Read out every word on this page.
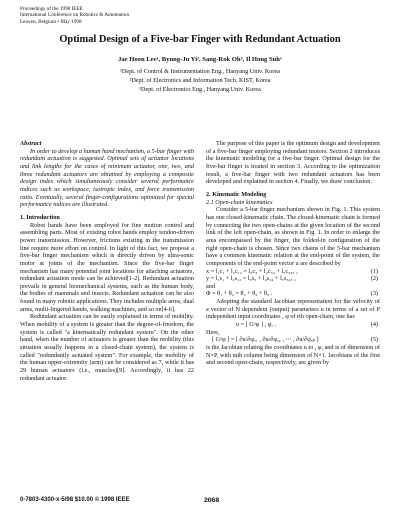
Proceedings of the 1998 IEEE
International Conference on Robotics & Automation
Leuven, Belgium • May 1998
Optimal Design of a Five-bar Finger with Redundant Actuation
Jae Hoon Lee¹, Byung-Ju Yi², Sang-Rok Oh³, Il Hong Suh¹
¹Dept. of Control & Instrumentation Eng., Hanyang Univ. Korea
²Dept. of Electronics and Information Tech. KIST, Korea
³Dept. of Electronics Eng., Hanyang Univ. Korea

Abstract

In order to develop a human hand mechanism, a 5-bar finger with redundant actuation is suggested. Optimal sets of actuator locations and link lengths for the cases of minimum actuator, one, two, and three redundant actuators are obtained by employing a composite design index which simultaneously consider several performance indices such as workspace, isotropic index, and force transmission ratio. Eventually, several finger-configurations optimized for special performance indices are illustrated.

1. Introduction

Robot hands have been employed for fine motion control and assembling parts. Most of existing robot hands employ tendon-driven power transmission. However, frictions existing in the transmission line require more effort on control. In light of this fact, we propose a five-bar finger mechanism which is directly driven by ultra-sonic motor at joints of the mechanism. Since the five-bar finger mechanism has many potential joint locations for attaching actuators, redundant actuation mode can be achieved[1-2]. Redundant actuation prevails in general biomechanical systems, such as the human body, the bodies of mammals and insects. Redundant actuation can be also found in many robotic applications. They includes multiple arms, dual arms, multi-fingered hands, walking machines, and so on[4-6].

Redundant actuation can be easily explained in terms of mobility. When mobility of a system is greater than the degree-of-freedom, the system is called "a kinematically redundant system". On the other hand, when the number of actuators is greater than the mobility (this situation usually happens in a closed-chain system), the system is called "redundantly actuated system". For example, the mobility of the human upper-extremity (arm) can be considered as 7, while it has 29 human actuators (i.e., muscles)[9]. Accordingly, it has 22 redundant actuator.

The purpose of this paper is the optimum design and development of a five-bar finger employing redundant motors. Section 2 introduces the kinematic modeling for a five-bar finger. Optimal design for the five-bar finger is treated in section 3. According to the optimization result, a five-bar finger with two redundant actuators has been developed and explained in section 4. Finally, we draw conclusion.

2. Kinematic Modeling

2.1 Open-chain kinematics

Consider a 5-bar finger mechanism shown in Fig. 1. This system has one closed-kinematic chain. The closed-kinematic chain is formed by connecting the two open-chains at the given location of the second link of the left open-chain, as shown in Fig. 1. In order to enlarge the area encompassed by the finger, the folded-in configuration of the right open-chain is chosen. Since two chains of the 5-bar mechanism have a common kinematic relation at the end-point of the system, the components of the end-point vector u are described by

x = l₁c₁ + l₂c₁₂ = l₃c₃ + l₄c₃₄ + l₅c₃₄₅ ,	(1)
y = l₁s₁ + l₂s₁₂ = l₃s₃ + l₄s₃₄ + l₅s₃₄₅ ,	(2)

and

Φ = θ₁ + θ₂ = θ₃ + θ₄ + θ₅ .	(3)

Adopting the standard Jacobian representation for the velocity of a vector of N dependent (output) parameters u in terms of a set of P independent input coordinates , φ of rth open-chain, one has

u̇ = [ Gᵘφ ] , φ̇ₐ .	(4)

Here,

[ Gᵘφ ] = [ ∂u/∂φₐ₁ , ∂u/∂φₐ₂ , ⋯ , ∂u/∂φₐₚ ]	(5)

is the Jacobian relating the coordinates u to , φ, and is of dimension of N×P, with mth column being dimension of N×1. Jacobians of the first and second open-chain, respectively, are given by

0-7803-4300-x-5/98 $10.00 © 1998 IEEE	2068
